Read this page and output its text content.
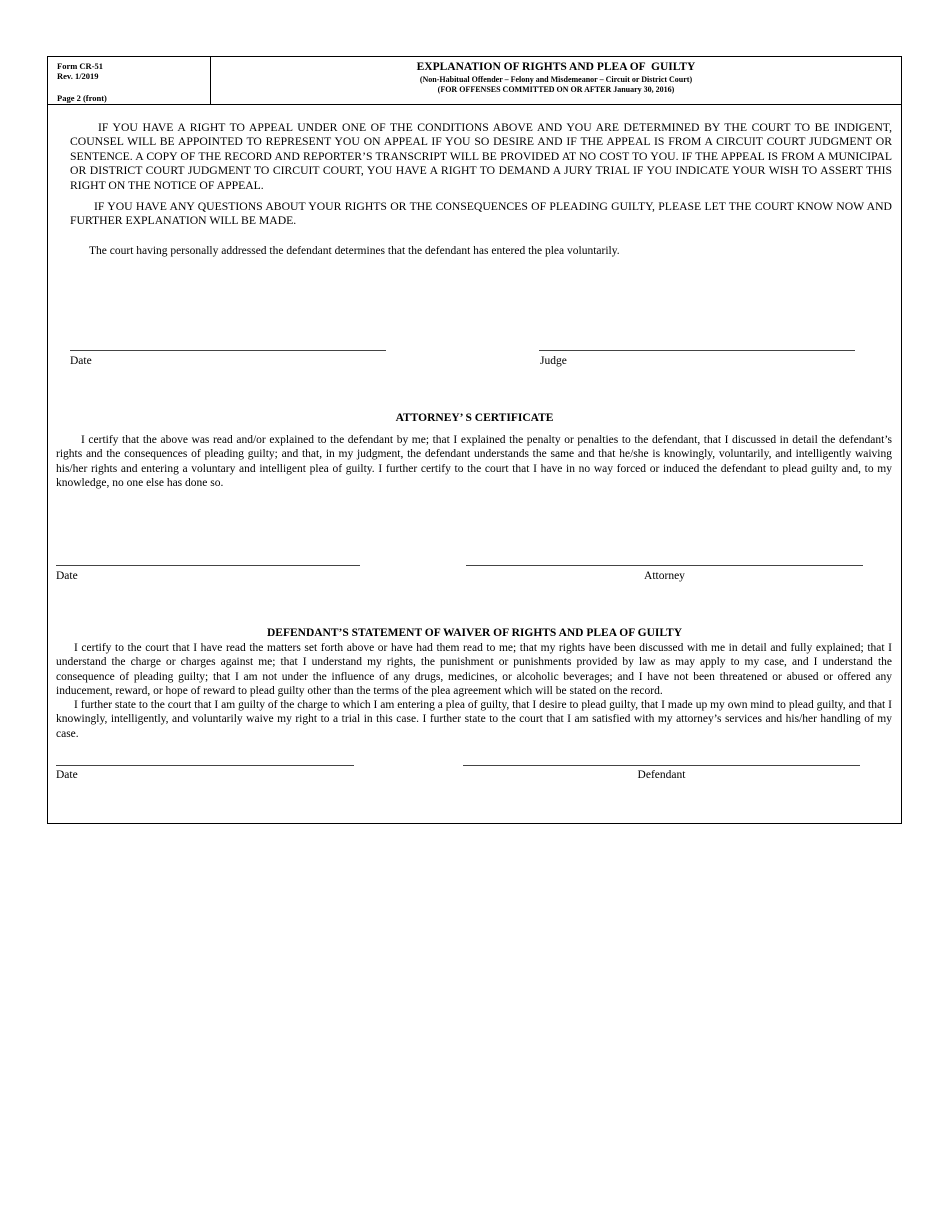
Form CR-51
Rev. 1/2019
Page 2 (front)
EXPLANATION OF RIGHTS AND PLEA OF  GUILTY
(Non-Habitual Offender – Felony and Misdemeanor – Circuit or District Court)
(FOR OFFENSES COMMITTED ON OR AFTER January 30, 2016)

IF YOU HAVE A RIGHT TO APPEAL UNDER ONE OF THE CONDITIONS ABOVE AND YOU ARE DETERMINED BY THE COURT TO BE INDIGENT, COUNSEL WILL BE APPOINTED TO REPRESENT YOU ON APPEAL IF YOU SO DESIRE AND IF THE APPEAL IS FROM A CIRCUIT COURT JUDGMENT OR SENTENCE. A COPY OF THE RECORD AND REPORTER’S TRANSCRIPT WILL BE PROVIDED AT NO COST TO YOU. IF THE APPEAL IS FROM A MUNICIPAL OR DISTRICT COURT JUDGMENT TO CIRCUIT COURT, YOU HAVE A RIGHT TO DEMAND A JURY TRIAL IF YOU INDICATE YOUR WISH TO ASSERT THIS RIGHT ON THE NOTICE OF APPEAL.

IF YOU HAVE ANY QUESTIONS ABOUT YOUR RIGHTS OR THE CONSEQUENCES OF PLEADING GUILTY, PLEASE LET THE COURT KNOW NOW AND FURTHER EXPLANATION WILL BE MADE.

The court having personally addressed the defendant determines that the defendant has entered the plea voluntarily.

Date	Judge
ATTORNEY’ S CERTIFICATE

I certify that the above was read and/or explained to the defendant by me; that I explained the penalty or penalties to the defendant, that I discussed in detail the defendant’s rights and the consequences of pleading guilty; and that, in my judgment, the defendant understands the same and that he/she is knowingly, voluntarily, and intelligently waiving his/her rights and entering a voluntary and intelligent plea of guilty. I further certify to the court that I have in no way forced or induced the defendant to plead guilty and, to my knowledge, no one else has done so.

Date	Attorney
DEFENDANT’S STATEMENT OF WAIVER OF RIGHTS AND PLEA OF GUILTY

I certify to the court that I have read the matters set forth above or have had them read to me; that my rights have been discussed with me in detail and fully explained; that I understand the charge or charges against me; that I understand my rights, the punishment or punishments provided by law as may apply to my case, and I understand the consequence of pleading guilty; that I am not under the influence of any drugs, medicines, or alcoholic beverages; and I have not been threatened or abused or offered any inducement, reward, or hope of reward to plead guilty other than the terms of the plea agreement which will be stated on the record.

I further state to the court that I am guilty of the charge to which I am entering a plea of guilty, that I desire to plead guilty, that I made up my own mind to plead guilty, and that I knowingly, intelligently, and voluntarily waive my right to a trial in this case. I further state to the court that I am satisfied with my attorney’s services and his/her handling of my case.

Date	Defendant
